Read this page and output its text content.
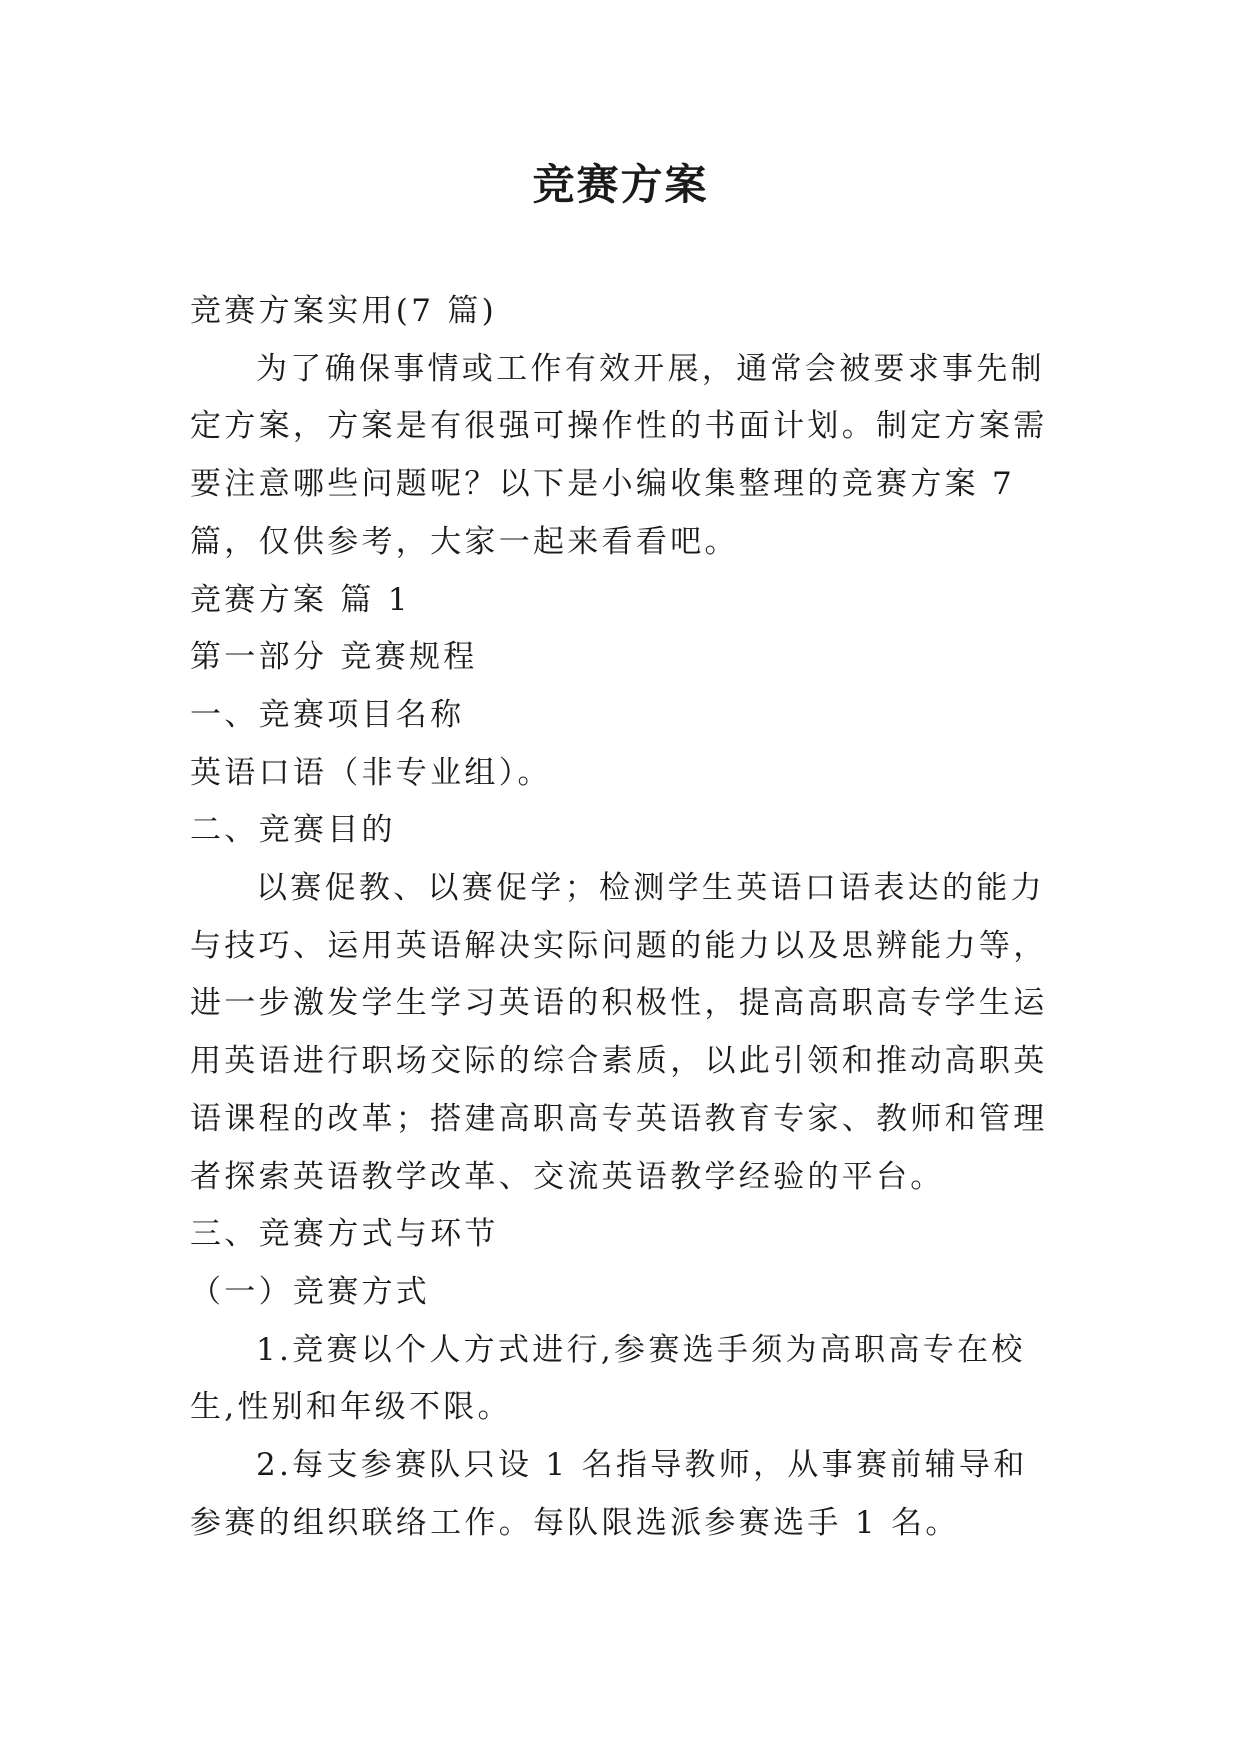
竞赛方案

竞赛方案实用(7 篇)

为了确保事情或工作有效开展，通常会被要求事先制定方案，方案是有很强可操作性的书面计划。制定方案需要注意哪些问题呢？以下是小编收集整理的竞赛方案 7 篇，仅供参考，大家一起来看看吧。

竞赛方案 篇 1

第一部分 竞赛规程

一、竞赛项目名称

英语口语（非专业组）。

二、竞赛目的

以赛促教、以赛促学；检测学生英语口语表达的能力与技巧、运用英语解决实际问题的能力以及思辨能力等，进一步激发学生学习英语的积极性，提高高职高专学生运用英语进行职场交际的综合素质，以此引领和推动高职英语课程的改革；搭建高职高专英语教育专家、教师和管理者探索英语教学改革、交流英语教学经验的平台。

三、竞赛方式与环节

（一）竞赛方式

1.竞赛以个人方式进行,参赛选手须为高职高专在校生,性别和年级不限。

2.每支参赛队只设 1 名指导教师，从事赛前辅导和参赛的组织联络工作。每队限选派参赛选手 1 名。
